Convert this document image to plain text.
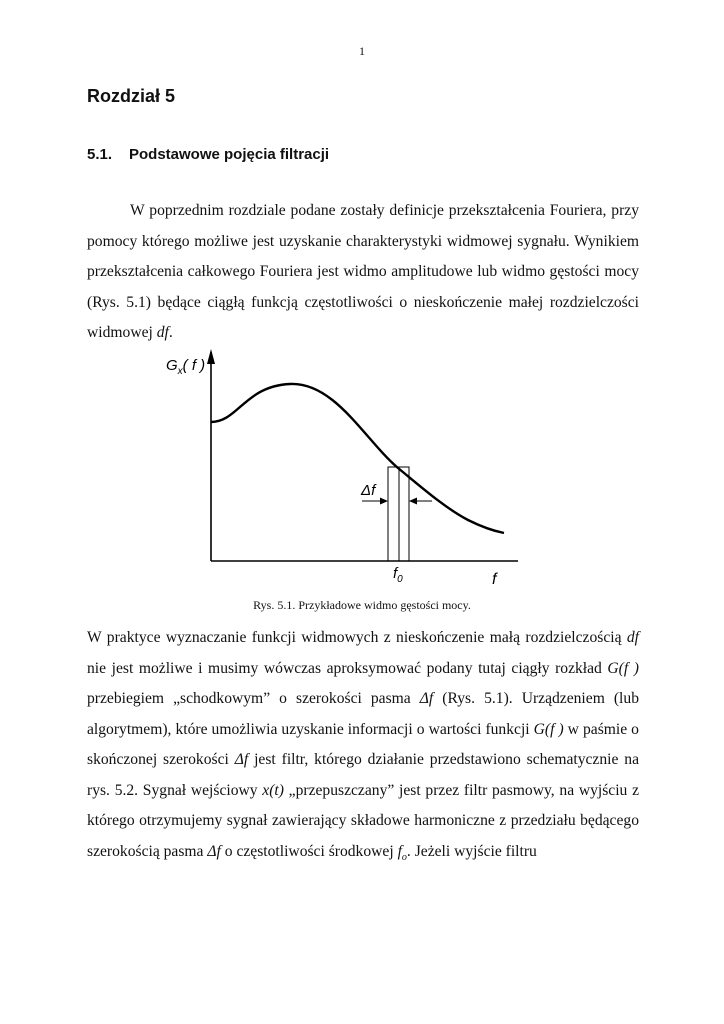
1
Rozdział 5
5.1. Podstawowe pojęcia filtracji

W poprzednim rozdziale podane zostały definicje przekształcenia Fouriera, przy pomocy którego możliwe jest uzyskanie charakterystyki widmowej sygnału. Wynikiem przekształcenia całkowego Fouriera jest widmo amplitudowe lub widmo gęstości mocy (Rys. 5.1) będące ciągłą funkcją częstotliwości o nieskończenie małej rozdzielczości widmowej df.

$G_x$( f )
Δf
$f_0$	f

Rys. 5.1. Przykładowe widmo gęstości mocy.

W praktyce wyznaczanie funkcji widmowych z nieskończenie małą rozdzielczością df nie jest możliwe i musimy wówczas aproksymować podany tutaj ciągły rozkład G(f ) przebiegiem „schodkowym” o szerokości pasma Δf (Rys. 5.1). Urządzeniem (lub algorytmem), które umożliwia uzyskanie informacji o wartości funkcji G(f ) w paśmie o skończonej szerokości Δf jest filtr, którego działanie przedstawiono schematycznie na rys. 5.2. Sygnał wejściowy x(t) „przepuszczany” jest przez filtr pasmowy, na wyjściu z którego otrzymujemy sygnał zawierający składowe harmoniczne z przedziału będącego szerokością pasma Δf o częstotliwości środkowej $f_o$. Jeżeli wyjście filtru
